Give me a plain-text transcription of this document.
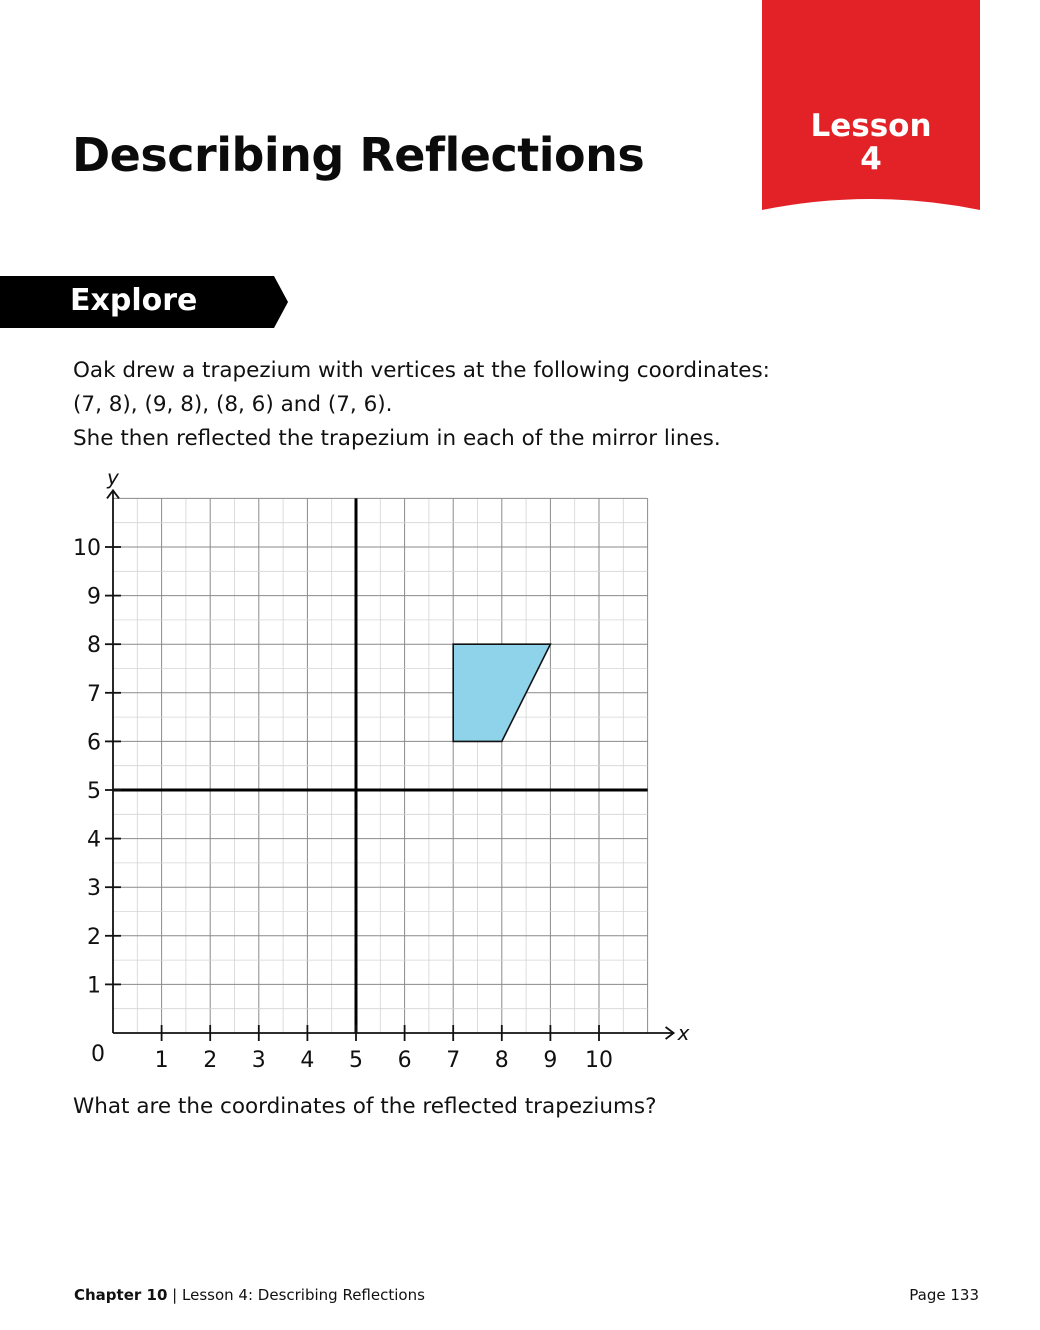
Describing Reflections
Lesson
4
Explore

Oak drew a trapezium with vertices at the following coordinates:

(7, 8), (9, 8), (8, 6) and (7, 6).

She then reflected the trapezium in each of the mirror lines.

1 2 3 4 5 6 7 8 9 10
1
2
3
4
5
6
7
8
9
10
0
x
y

What are the coordinates of the reflected trapeziums?

Chapter 10 | Lesson 4: Describing Reflections	Page 133
